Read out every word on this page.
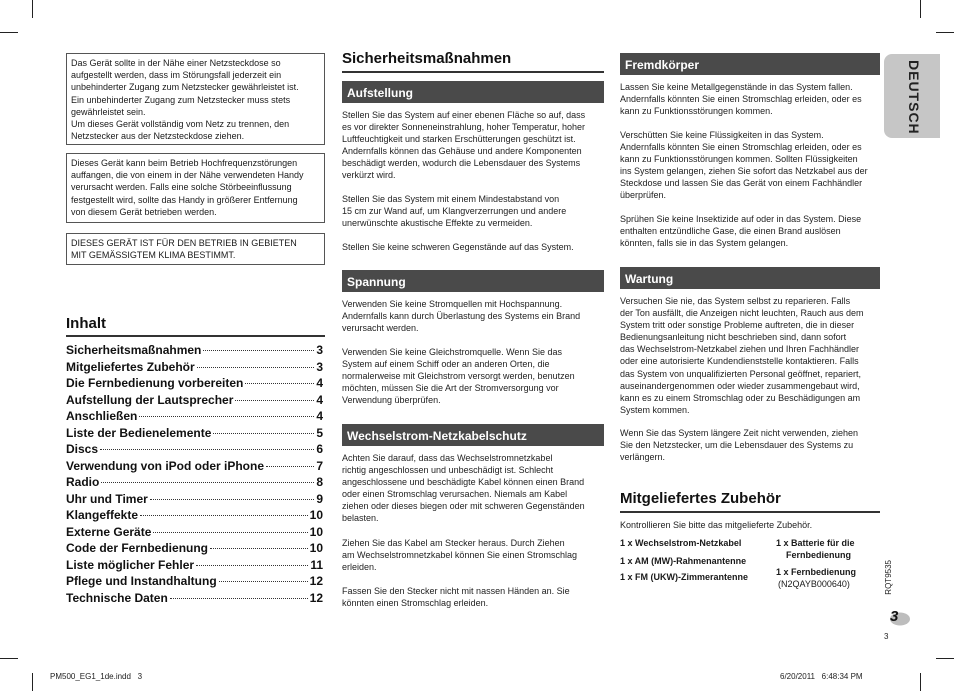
Das Gerät sollte in der Nähe einer Netzsteckdose so
aufgestellt werden, dass im Störungsfall jederzeit ein
unbehinderter Zugang zum Netzstecker gewährleistet ist.
Ein unbehinderter Zugang zum Netzstecker muss stets
gewährleistet sein.
Um dieses Gerät vollständig vom Netz zu trennen, den
Netzstecker aus der Netzsteckdose ziehen.
Dieses Gerät kann beim Betrieb Hochfrequenzstörungen
auffangen, die von einem in der Nähe verwendeten Handy
verursacht werden. Falls eine solche Störbeeinflussung
festgestellt wird, sollte das Handy in größerer Entfernung
von diesem Gerät betrieben werden.
DIESES GERÄT IST FÜR DEN BETRIEB IN GEBIETEN
MIT GEMÄSSIGTEM KLIMA BESTIMMT.
Inhalt
Sicherheitsmaßnahmen	3
Mitgeliefertes Zubehör	3
Die Fernbedienung vorbereiten	4
Aufstellung der Lautsprecher	4
Anschließen	4
Liste der Bedienelemente	5
Discs	6
Verwendung von iPod oder iPhone	7
Radio	8
Uhr und Timer	9
Klangeffekte	10
Externe Geräte	10
Code der Fernbedienung	10
Liste möglicher Fehler	11
Pflege und Instandhaltung	12
Technische Daten	12
Sicherheitsmaßnahmen
Aufstellung
Stellen Sie das System auf einer ebenen Fläche so auf, dass
es vor direkter Sonneneinstrahlung, hoher Temperatur, hoher
Luftfeuchtigkeit und starken Erschütterungen geschützt ist.
Andernfalls können das Gehäuse und andere Komponenten
beschädigt werden, wodurch die Lebensdauer des Systems
verkürzt wird.
Stellen Sie das System mit einem Mindestabstand von
15 cm zur Wand auf, um Klangverzerrungen und andere
unerwünschte akustische Effekte zu vermeiden.
Stellen Sie keine schweren Gegenstände auf das System.
Spannung
Verwenden Sie keine Stromquellen mit Hochspannung.
Andernfalls kann durch Überlastung des Systems ein Brand
verursacht werden.
Verwenden Sie keine Gleichstromquelle. Wenn Sie das
System auf einem Schiff oder an anderen Orten, die
normalerweise mit Gleichstrom versorgt werden, benutzen
möchten, müssen Sie die Art der Stromversorgung vor
Verwendung überprüfen.
Wechselstrom-Netzkabelschutz
Achten Sie darauf, dass das Wechselstromnetzkabel
richtig angeschlossen und unbeschädigt ist. Schlecht
angeschlossene und beschädigte Kabel können einen Brand
oder einen Stromschlag verursachen. Niemals am Kabel
ziehen oder dieses biegen oder mit schweren Gegenständen
belasten.
Ziehen Sie das Kabel am Stecker heraus. Durch Ziehen
am Wechselstromnetzkabel können Sie einen Stromschlag
erleiden.
Fassen Sie den Stecker nicht mit nassen Händen an. Sie
könnten einen Stromschlag erleiden.
Fremdkörper
Lassen Sie keine Metallgegenstände in das System fallen.
Andernfalls könnten Sie einen Stromschlag erleiden, oder es
kann zu Funktionsstörungen kommen.
Verschütten Sie keine Flüssigkeiten in das System.
Andernfalls könnten Sie einen Stromschlag erleiden, oder es
kann zu Funktionsstörungen kommen. Sollten Flüssigkeiten
ins System gelangen, ziehen Sie sofort das Netzkabel aus der
Steckdose und lassen Sie das Gerät von einem Fachhändler
überprüfen.
Sprühen Sie keine Insektizide auf oder in das System. Diese
enthalten entzündliche Gase, die einen Brand auslösen
könnten, falls sie in das System gelangen.
Wartung
Versuchen Sie nie, das System selbst zu reparieren. Falls
der Ton ausfällt, die Anzeigen nicht leuchten, Rauch aus dem
System tritt oder sonstige Probleme auftreten, die in dieser
Bedienungsanleitung nicht beschrieben sind, dann sofort
das Wechselstrom-Netzkabel ziehen und Ihren Fachhändler
oder eine autorisierte Kundendienststelle kontaktieren. Falls
das System von unqualifizierten Personal geöffnet, repariert,
auseinandergenommen oder wieder zusammengebaut wird,
kann es zu einem Stromschlag oder zu Beschädigungen am
System kommen.
Wenn Sie das System längere Zeit nicht verwenden, ziehen
Sie den Netzstecker, um die Lebensdauer des Systems zu
verlängern.
Mitgeliefertes Zubehör
Kontrollieren Sie bitte das mitgelieferte Zubehör.
1 x Wechselstrom-Netzkabel
1 x AM (MW)-Rahmenantenne
1 x FM (UKW)-Zimmerantenne
1 x Batterie für die
Fernbedienung
1 x Fernbedienung
(N2QAYB000640)
DEUTSCH
RQT9535
3
3
PM500_EG1_1de.indd   3	6/20/2011   6:48:34 PM
